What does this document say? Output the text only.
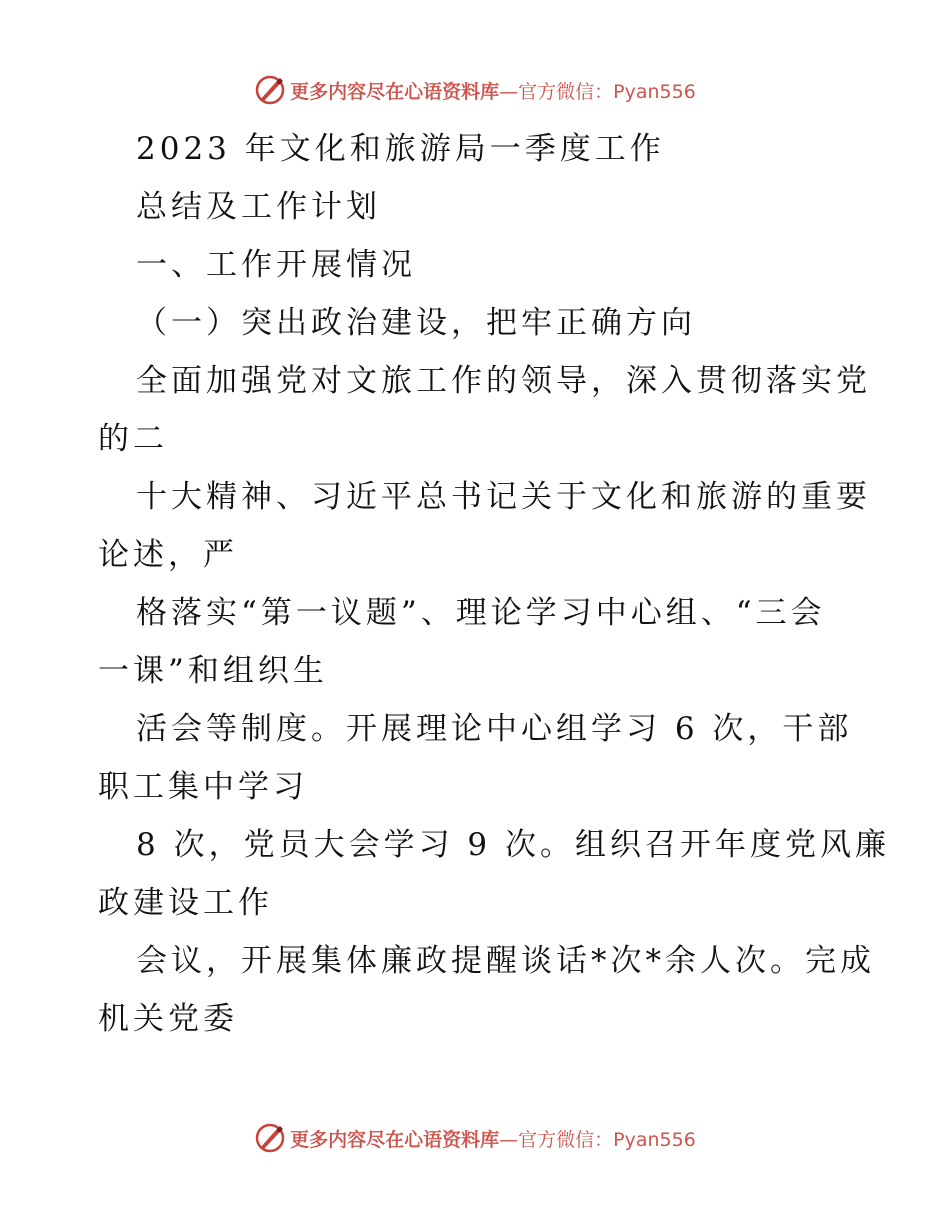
更多内容尽在心语资料库—官方微信：Pyan556
2023 年文化和旅游局一季度工作
总结及工作计划
一、工作开展情况
（一）突出政治建设，把牢正确方向
全面加强党对文旅工作的领导，深入贯彻落实党
的二
十大精神、习近平总书记关于文化和旅游的重要
论述，严
格落实“第一议题”、理论学习中心组、“三会
一课”和组织生
活会等制度。开展理论中心组学习 6 次，干部
职工集中学习
8 次，党员大会学习 9 次。组织召开年度党风廉
政建设工作
会议，开展集体廉政提醒谈话*次*余人次。完成
机关党委
更多内容尽在心语资料库—官方微信：Pyan556
